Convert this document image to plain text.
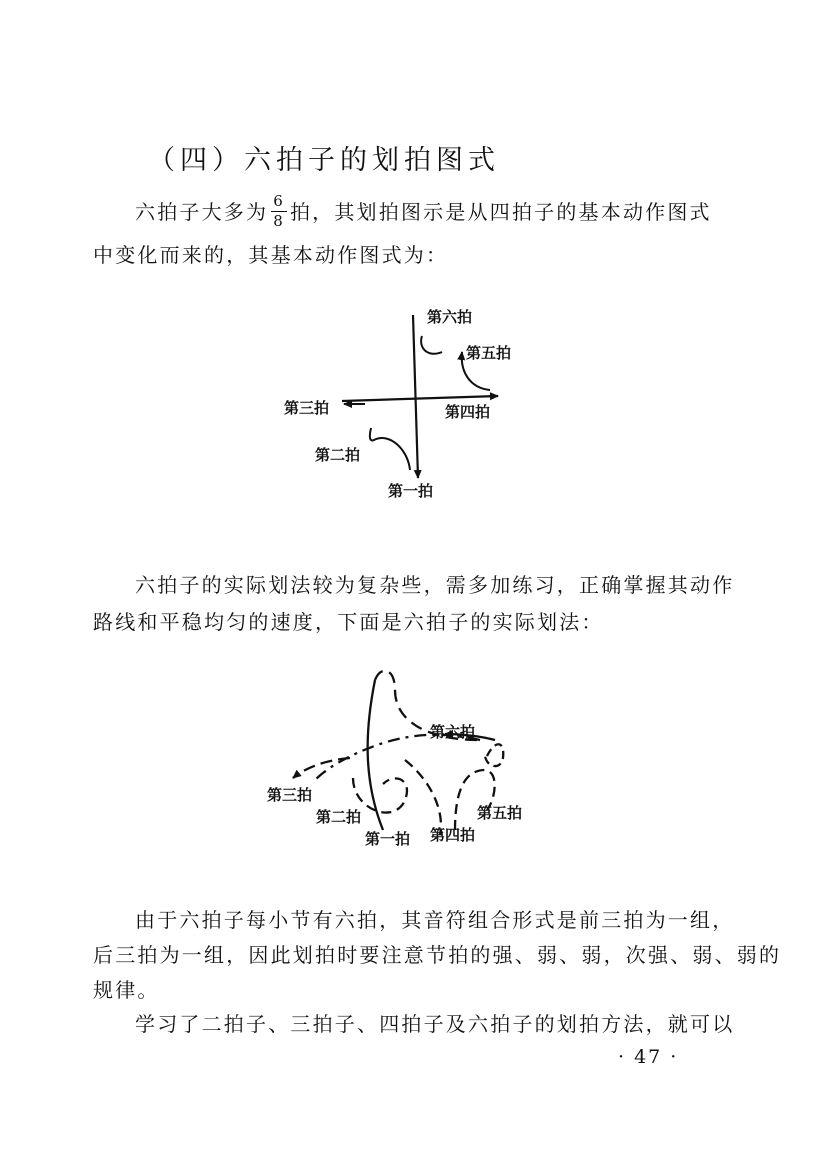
（四）六拍子的划拍图式
六拍子大多为 $\frac{6}{8}$ 拍，其划拍图示是从四拍子的基本动作图式
中变化而来的，其基本动作图式为：
第六拍
第五拍
第三拍	第四拍
第二拍
第一拍
六拍子的实际划法较为复杂些，需多加练习，正确掌握其动作
路线和平稳均匀的速度，下面是六拍子的实际划法：
第六拍
第三拍
第二拍	第五拍
第一拍 第四拍
由于六拍子每小节有六拍，其音符组合形式是前三拍为一组，
后三拍为一组，因此划拍时要注意节拍的强、弱、弱，次强、弱、弱的
规律。
学习了二拍子、三拍子、四拍子及六拍子的划拍方法，就可以
· 47 ·
